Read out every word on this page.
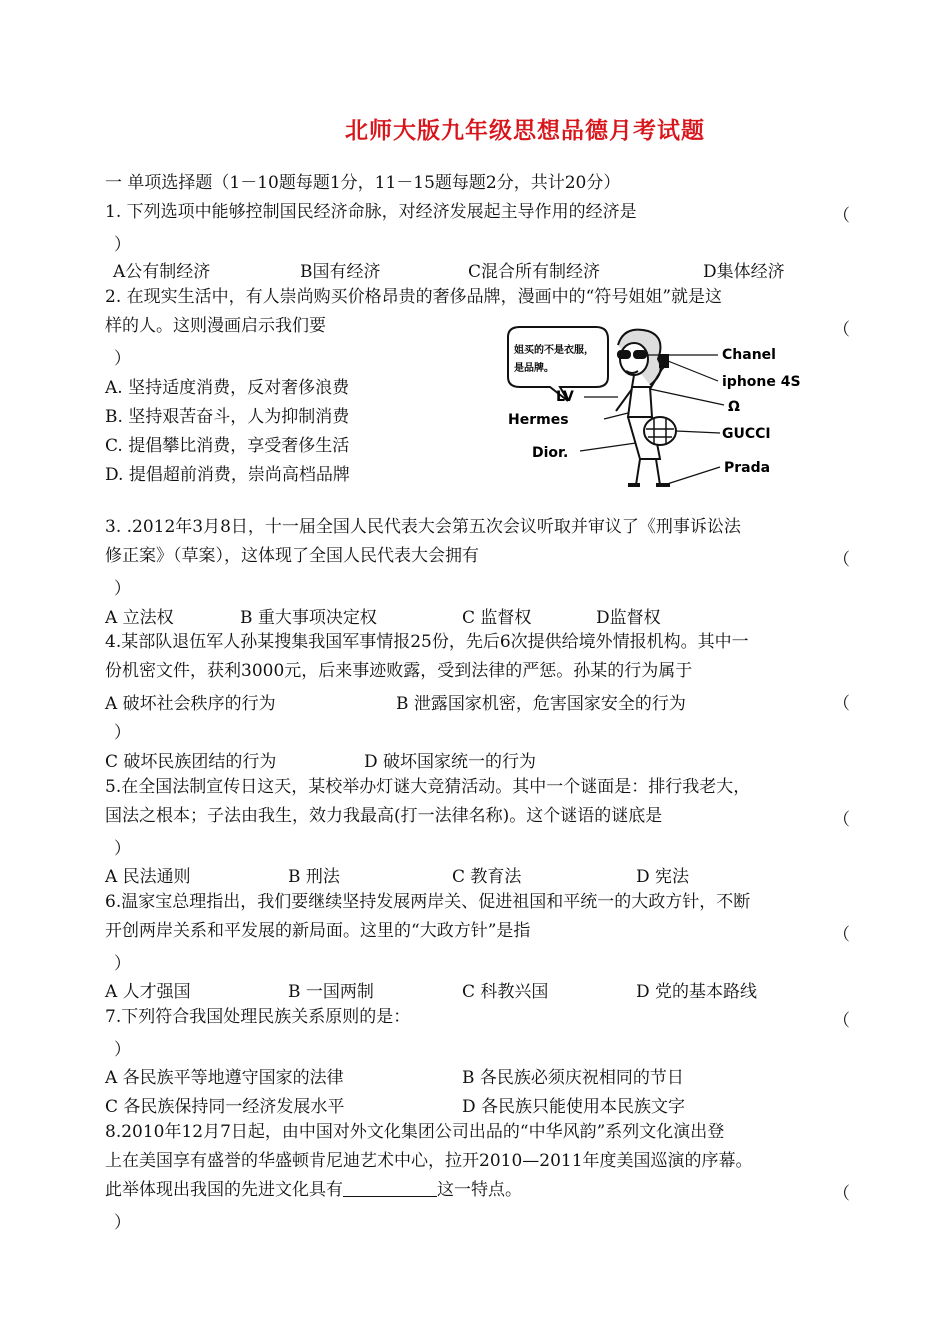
北师大版九年级思想品德月考试题
一 单项选择题（1－10题每题1分，11－15题每题2分，共计20分）
1. 下列选项中能够控制国民经济命脉，对经济发展起主导作用的经济是	（
）
A公有制经济	B国有经济	C混合所有制经济	D集体经济
2. 在现实生活中，有人崇尚购买价格昂贵的奢侈品牌，漫画中的“符号姐姐”就是这
样的人。这则漫画启示我们要	（
）
A. 坚持适度消费，反对奢侈浪费
B. 坚持艰苦奋斗，人为抑制消费
C. 提倡攀比消费，享受奢侈生活
D. 提倡超前消费，崇尚高档品牌
姐买的不是衣服，
是品牌。
Chanel
iphone 4S
Ω
GUCCI
Prada
LV
Hermes
Dior.
3. .2012年3月8日，十一届全国人民代表大会第五次会议听取并审议了《刑事诉讼法
修正案》（草案），这体现了全国人民代表大会拥有	（
）
A 立法权	B 重大事项决定权	C 监督权	D监督权
4.某部队退伍军人孙某搜集我国军事情报25份，先后6次提供给境外情报机构。其中一
份机密文件，获利3000元，后来事迹败露，受到法律的严惩。孙某的行为属于
A 破坏社会秩序的行为	B 泄露国家机密，危害国家安全的行为	（
）
C 破坏民族团结的行为	D 破坏国家统一的行为
5.在全国法制宣传日这天，某校举办灯谜大竞猜活动。其中一个谜面是：排行我老大，
国法之根本；子法由我生，效力我最高(打一法律名称)。这个谜语的谜底是	（
）
A 民法通则	B 刑法	C 教育法	D 宪法
6.温家宝总理指出，我们要继续坚持发展两岸关、促进祖国和平统一的大政方针，不断
开创两岸关系和平发展的新局面。这里的“大政方针”是指	（
）
A 人才强国	B 一国两制	C 科教兴国	D 党的基本路线
7.下列符合我国处理民族关系原则的是：	（
）
A 各民族平等地遵守国家的法律	B 各民族必须庆祝相同的节日
C 各民族保持同一经济发展水平	D 各民族只能使用本民族文字
8.2010年12月7日起，由中国对外文化集团公司出品的“中华风韵”系列文化演出登
上在美国享有盛誉的华盛顿肯尼迪艺术中心，拉开2010—2011年度美国巡演的序幕。
此举体现出我国的先进文化具有	这一特点。	（
）
